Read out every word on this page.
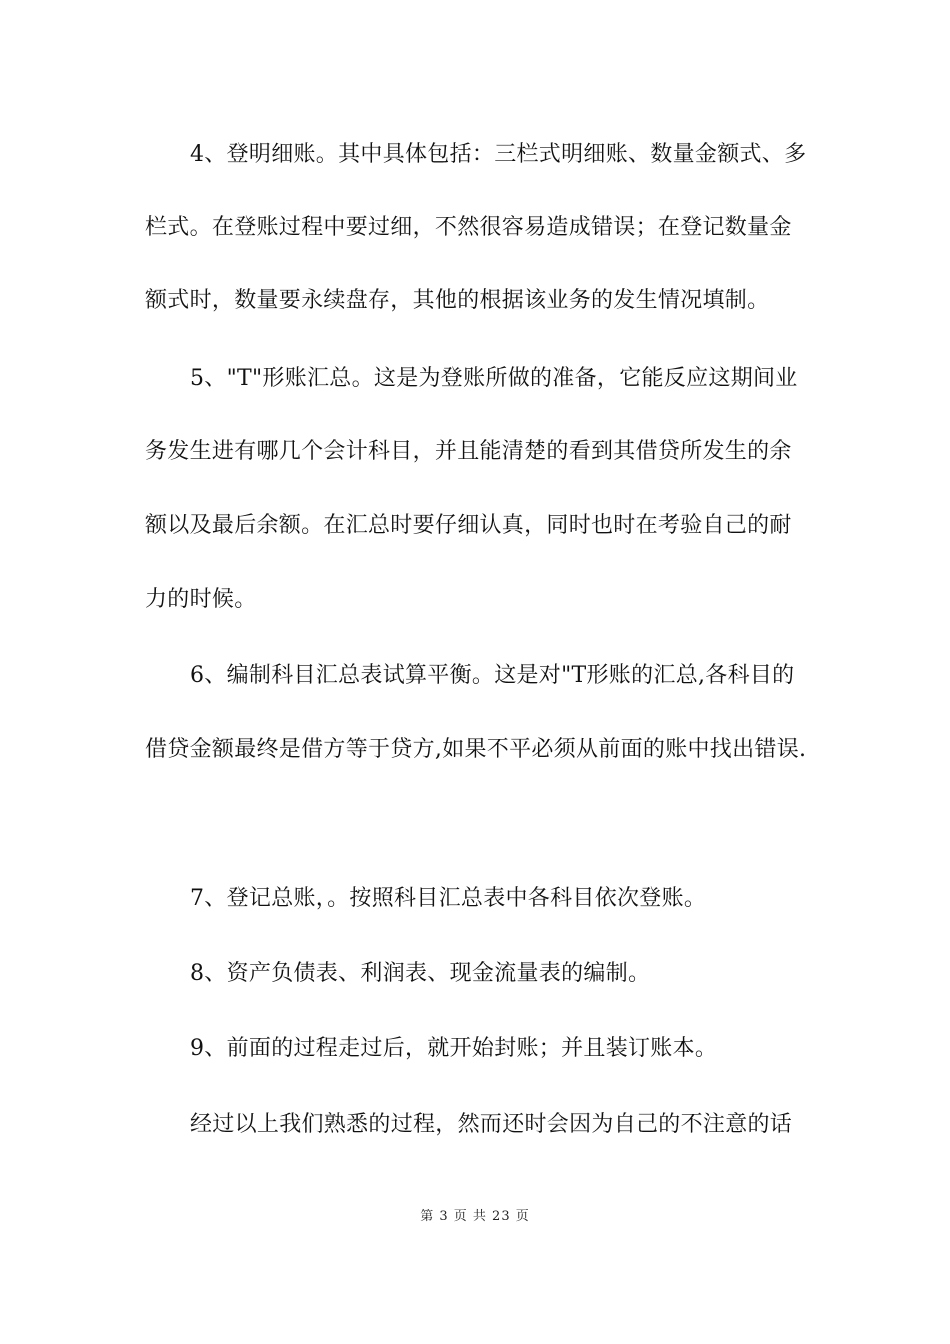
4、登明细账。其中具体包括：三栏式明细账、数量金额式、多
栏式。在登账过程中要过细，不然很容易造成错误；在登记数量金
额式时，数量要永续盘存，其他的根据该业务的发生情况填制。
5、"T"形账汇总。这是为登账所做的准备，它能反应这期间业
务发生进有哪几个会计科目，并且能清楚的看到其借贷所发生的余
额以及最后余额。在汇总时要仔细认真，同时也时在考验自己的耐
力的时候。
6、编制科目汇总表试算平衡。这是对"T形账的汇总,各科目的
借贷金额最终是借方等于贷方,如果不平必须从前面的账中找出错误.
7、登记总账，。按照科目汇总表中各科目依次登账。
8、资产负债表、利润表、现金流量表的编制。
9、前面的过程走过后，就开始封账；并且装订账本。
经过以上我们熟悉的过程，然而还时会因为自己的不注意的话
第 3 页 共 23 页
